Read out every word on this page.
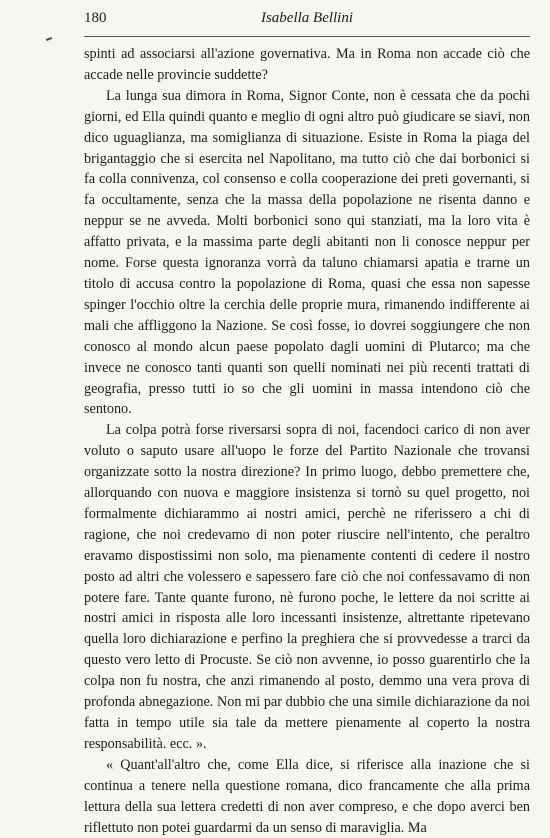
180	Isabella Bellini

spinti ad associarsi all'azione governativa. Ma in Roma non accade ciò che accade nelle provincie suddette?

La lunga sua dimora in Roma, Signor Conte, non è cessata che da pochi giorni, ed Ella quindi quanto e meglio di ogni altro può giudicare se siavi, non dico uguaglianza, ma somiglianza di situazione. Esiste in Roma la piaga del brigantaggio che si esercita nel Napolitano, ma tutto ciò che dai borbonici si fa colla connivenza, col consenso e colla cooperazione dei preti governanti, si fa occultamente, senza che la massa della popolazione ne risenta danno e neppur se ne avveda. Molti borbonici sono qui stanziati, ma la loro vita è affatto privata, e la massima parte degli abitanti non li conosce neppur per nome. Forse questa ignoranza vorrà da taluno chiamarsi apatia e trarne un titolo di accusa contro la popolazione di Roma, quasi che essa non sapesse spinger l'occhio oltre la cerchia delle proprie mura, rimanendo indifferente ai mali che affliggono la Nazione. Se così fosse, io dovrei soggiungere che non conosco al mondo alcun paese popolato dagli uomini di Plutarco; ma che invece ne conosco tanti quanti son quelli nominati nei più recenti trattati di geografia, presso tutti io so che gli uomini in massa intendono ciò che sentono.

La colpa potrà forse riversarsi sopra di noi, facendoci carico di non aver voluto o saputo usare all'uopo le forze del Partito Nazionale che trovansi organizzate sotto la nostra direzione? In primo luogo, debbo premettere che, allorquando con nuova e maggiore insistenza si tornò su quel progetto, noi formalmente dichiarammo ai nostri amici, perchè ne riferissero a chi di ragione, che noi credevamo di non poter riuscire nell'intento, che peraltro eravamo dispostissimi non solo, ma pienamente contenti di cedere il nostro posto ad altri che volessero e sapessero fare ciò che noi confessavamo di non potere fare. Tante quante furono, nè furono poche, le lettere da noi scritte ai nostri amici in risposta alle loro incessanti insistenze, altrettante ripetevano quella loro dichiarazione e perfino la preghiera che si provvedesse a trarci da questo vero letto di Procuste. Se ciò non avvenne, io posso guarentirlo che la colpa non fu nostra, che anzi rimanendo al posto, demmo una vera prova di profonda abnegazione. Non mi par dubbio che una simile dichiarazione da noi fatta in tempo utile sia tale da mettere pienamente al coperto la nostra responsabilità. ecc. ».

« Quant'all'altro che, come Ella dice, si riferisce alla inazione che si continua a tenere nella questione romana, dico francamente che alla prima lettura della sua lettera credetti di non aver compreso, e che dopo averci ben riflettuto non potei guardarmi da un senso di maraviglia. Ma
